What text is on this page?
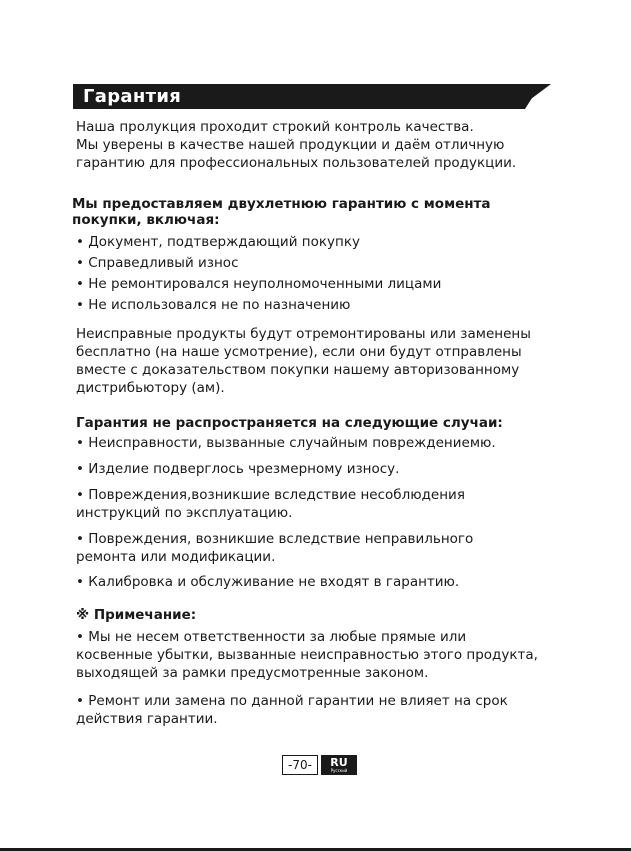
Гарантия
Наша пролукция проходит строкий контроль качества.
Мы уверены в качестве нашей продукции и даём отличную
гарантию для профессиональных пользователей продукции.
Мы предоставляем двухлетнюю гарантию с момента
покупки, включая:
• Документ, подтверждающий покупку
• Справедливый износ
• Не ремонтировался неуполномоченными лицами
• Не использовался не по назначению
Неисправные продукты будут отремонтированы или заменены
бесплатно (на наше усмотрение), если они будут отправлены
вместе с доказательством покупки нашему авторизованному
дистрибьютору (ам).
Гарантия не распространяется на следующие случаи:
• Неисправности, вызванные случайным повреждениемю.
• Изделие подверглось чрезмерному износу.
• Повреждения,возникшие вследствие несоблюдения
инструкций по эксплуатацию.
• Повреждения, возникшие вследствие неправильного
ремонта или модификации.
• Калибровка и обслуживание не входят в гарантию.
※ Примечание:
• Мы не несем ответственности за любые прямые или
косвенные убытки, вызванные неисправностью этого продукта,
выходящей за рамки предусмотренные законом.
• Ремонт или замена по данной гарантии не влияет на срок
действия гарантии.
-70-	RU
Русский
